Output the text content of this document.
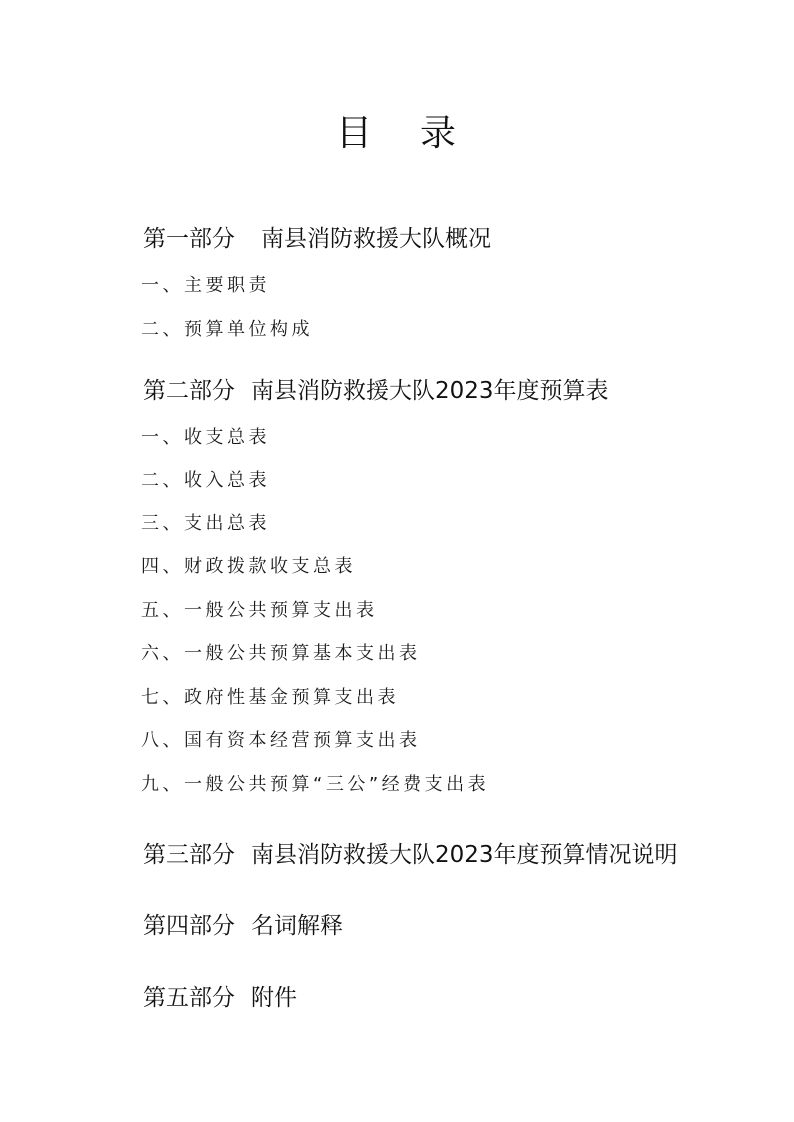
目 录
第一部分 南县消防救援大队概况
一、主要职责
二、预算单位构成
第二部分 南县消防救援大队2023年度预算表
一、收支总表
二、收入总表
三、支出总表
四、财政拨款收支总表
五、一般公共预算支出表
六、一般公共预算基本支出表
七、政府性基金预算支出表
八、国有资本经营预算支出表
九、一般公共预算“三公”经费支出表
第三部分 南县消防救援大队2023年度预算情况说明
第四部分 名词解释
第五部分 附件
